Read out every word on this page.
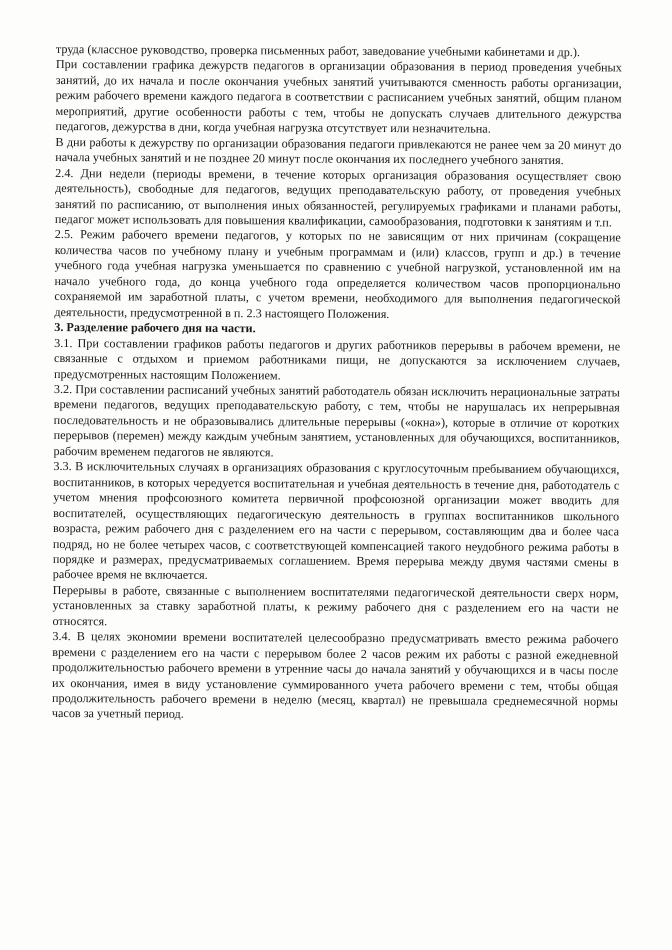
труда (классное руководство, проверка письменных работ, заведование учебными кабинетами и др.).

При составлении графика дежурств педагогов в организации образования в период проведения учебных занятий, до их начала и после окончания учебных занятий учитываются сменность работы организации, режим рабочего времени каждого педагога в соответствии с расписанием учебных занятий, общим планом мероприятий, другие особенности работы с тем, чтобы не допускать случаев длительного дежурства педагогов, дежурства в дни, когда учебная нагрузка отсутствует или незначительна.

В дни работы к дежурству по организации образования педагоги привлекаются не ранее чем за 20 минут до начала учебных занятий и не позднее 20 минут после окончания их последнего учебного занятия.

2.4. Дни недели (периоды времени, в течение которых организация образования осуществляет свою деятельность), свободные для педагогов, ведущих преподавательскую работу, от проведения учебных занятий по расписанию, от выполнения иных обязанностей, регулируемых графиками и планами работы, педагог может использовать для повышения квалификации, самообразования, подготовки к занятиям и т.п.

2.5. Режим рабочего времени педагогов, у которых по не зависящим от них причинам (сокращение количества часов по учебному плану и учебным программам и (или) классов, групп и др.) в течение учебного года учебная нагрузка уменьшается по сравнению с учебной нагрузкой, установленной им на начало учебного года, до конца учебного года определяется количеством часов пропорционально сохраняемой им заработной платы, с учетом времени, необходимого для выполнения педагогической деятельности, предусмотренной в п. 2.3 настоящего Положения.

3. Разделение рабочего дня на части.

3.1. При составлении графиков работы педагогов и других работников перерывы в рабочем времени, не связанные с отдыхом и приемом работниками пищи, не допускаются за исключением случаев, предусмотренных настоящим Положением.

3.2. При составлении расписаний учебных занятий работодатель обязан исключить нерациональные затраты времени педагогов, ведущих преподавательскую работу, с тем, чтобы не нарушалась их непрерывная последовательность и не образовывались длительные перерывы («окна»), которые в отличие от коротких перерывов (перемен) между каждым учебным занятием, установленных для обучающихся, воспитанников, рабочим временем педагогов не являются.

3.3. В исключительных случаях в организациях образования с круглосуточным пребыванием обучающихся, воспитанников, в которых чередуется воспитательная и учебная деятельность в течение дня, работодатель с учетом мнения профсоюзного комитета первичной профсоюзной организации может вводить для воспитателей, осуществляющих педагогическую деятельность в группах воспитанников школьного возраста, режим рабочего дня с разделением его на части с перерывом, составляющим два и более часа подряд, но не более четырех часов, с соответствующей компенсацией такого неудобного режима работы в порядке и размерах, предусматриваемых соглашением. Время перерыва между двумя частями смены в рабочее время не включается.

Перерывы в работе, связанные с выполнением воспитателями педагогической деятельности сверх норм, установленных за ставку заработной платы, к режиму рабочего дня с разделением его на части не относятся.

3.4. В целях экономии времени воспитателей целесообразно предусматривать вместо режима рабочего времени с разделением его на части с перерывом более 2 часов режим их работы с разной ежедневной продолжительностью рабочего времени в утренние часы до начала занятий у обучающихся и в часы после их окончания, имея в виду установление суммированного учета рабочего времени с тем, чтобы общая продолжительность рабочего времени в неделю (месяц, квартал) не превышала среднемесячной нормы часов за учетный период.
